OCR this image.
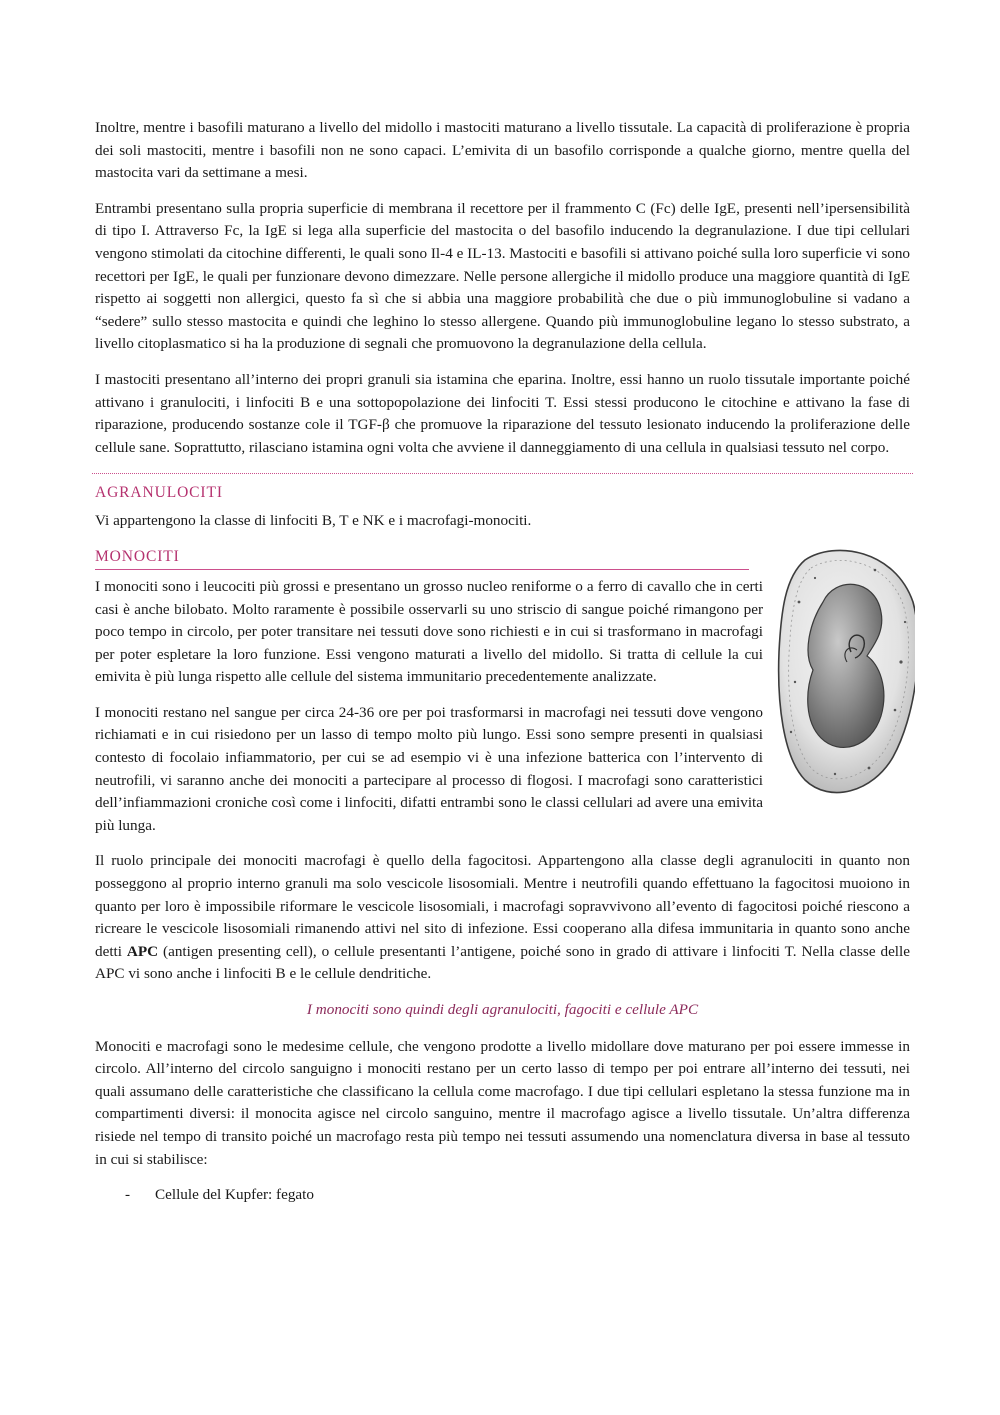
Inoltre, mentre i basofili maturano a livello del midollo i mastociti maturano a livello tissutale. La capacità di proliferazione è propria dei soli mastociti, mentre i basofili non ne sono capaci. L’emivita di un basofilo corrisponde a qualche giorno, mentre quella del mastocita vari da settimane a mesi.

Entrambi presentano sulla propria superficie di membrana il recettore per il frammento C (Fc) delle IgE, presenti nell’ipersensibilità di tipo I. Attraverso Fc, la IgE si lega alla superficie del mastocita o del basofilo inducendo la degranulazione. I due tipi cellulari vengono stimolati da citochine differenti, le quali sono Il-4 e IL-13. Mastociti e basofili si attivano poiché sulla loro superficie vi sono recettori per IgE, le quali per funzionare devono dimezzare. Nelle persone allergiche il midollo produce una maggiore quantità di IgE rispetto ai soggetti non allergici, questo fa sì che si abbia una maggiore probabilità che due o più immunoglobuline si vadano a “sedere” sullo stesso mastocita e quindi che leghino lo stesso allergene. Quando più immunoglobuline legano lo stesso substrato, a livello citoplasmatico si ha la produzione di segnali che promuovono la degranulazione della cellula.

I mastociti presentano all’interno dei propri granuli sia istamina che eparina. Inoltre, essi hanno un ruolo tissutale importante poiché attivano i granulociti, i linfociti B e una sottopopolazione dei linfociti T. Essi stessi producono le citochine e attivano la fase di riparazione, producendo sostanze cole il TGF-β che promuove la riparazione del tessuto lesionato inducendo la proliferazione delle cellule sane. Soprattutto, rilasciano istamina ogni volta che avviene il danneggiamento di una cellula in qualsiasi tessuto nel corpo.

AGRANULOCITI

Vi appartengono la classe di linfociti B, T e NK e i macrofagi-monociti.

MONOCITI

I monociti sono i leucociti più grossi e presentano un grosso nucleo reniforme o a ferro di cavallo che in certi casi è anche bilobato. Molto raramente è possibile osservarli su uno striscio di sangue poiché rimangono per poco tempo in circolo, per poter transitare nei tessuti dove sono richiesti e in cui si trasformano in macrofagi per poter espletare la loro funzione. Essi vengono maturati a livello del midollo. Si tratta di cellule la cui emivita è più lunga rispetto alle cellule del sistema immunitario precedentemente analizzate.

I monociti restano nel sangue per circa 24-36 ore per poi trasformarsi in macrofagi nei tessuti dove vengono richiamati e in cui risiedono per un lasso di tempo molto più lungo. Essi sono sempre presenti in qualsiasi contesto di focolaio infiammatorio, per cui se ad esempio vi è una infezione batterica con l’intervento di neutrofili, vi saranno anche dei monociti a partecipare al processo di flogosi. I macrofagi sono caratteristici dell’infiammazioni croniche così come i linfociti, difatti entrambi sono le classi cellulari ad avere una emivita più lunga.

Il ruolo principale dei monociti macrofagi è quello della fagocitosi. Appartengono alla classe degli agranulociti in quanto non posseggono al proprio interno granuli ma solo vescicole lisosomiali. Mentre i neutrofili quando effettuano la fagocitosi muoiono in quanto per loro è impossibile riformare le vescicole lisosomiali, i macrofagi sopravvivono all’evento di fagocitosi poiché riescono a ricreare le vescicole lisosomiali rimanendo attivi nel sito di infezione. Essi cooperano alla difesa immunitaria in quanto sono anche detti APC (antigen presenting cell), o cellule presentanti l’antigene, poiché sono in grado di attivare i linfociti T. Nella classe delle APC vi sono anche i linfociti B e le cellule dendritiche.

I monociti sono quindi degli agranulociti, fagociti e cellule APC

Monociti e macrofagi sono le medesime cellule, che vengono prodotte a livello midollare dove maturano per poi essere immesse in circolo. All’interno del circolo sanguigno i monociti restano per un certo lasso di tempo per poi entrare all’interno dei tessuti, nei quali assumano delle caratteristiche che classificano la cellula come macrofago. I due tipi cellulari espletano la stessa funzione ma in compartimenti diversi: il monocita agisce nel circolo sanguino, mentre il macrofago agisce a livello tissutale. Un’altra differenza risiede nel tempo di transito poiché un macrofago resta più tempo nei tessuti assumendo una nomenclatura diversa in base al tessuto in cui si stabilisce:

- Cellule del Kupfer: fegato
